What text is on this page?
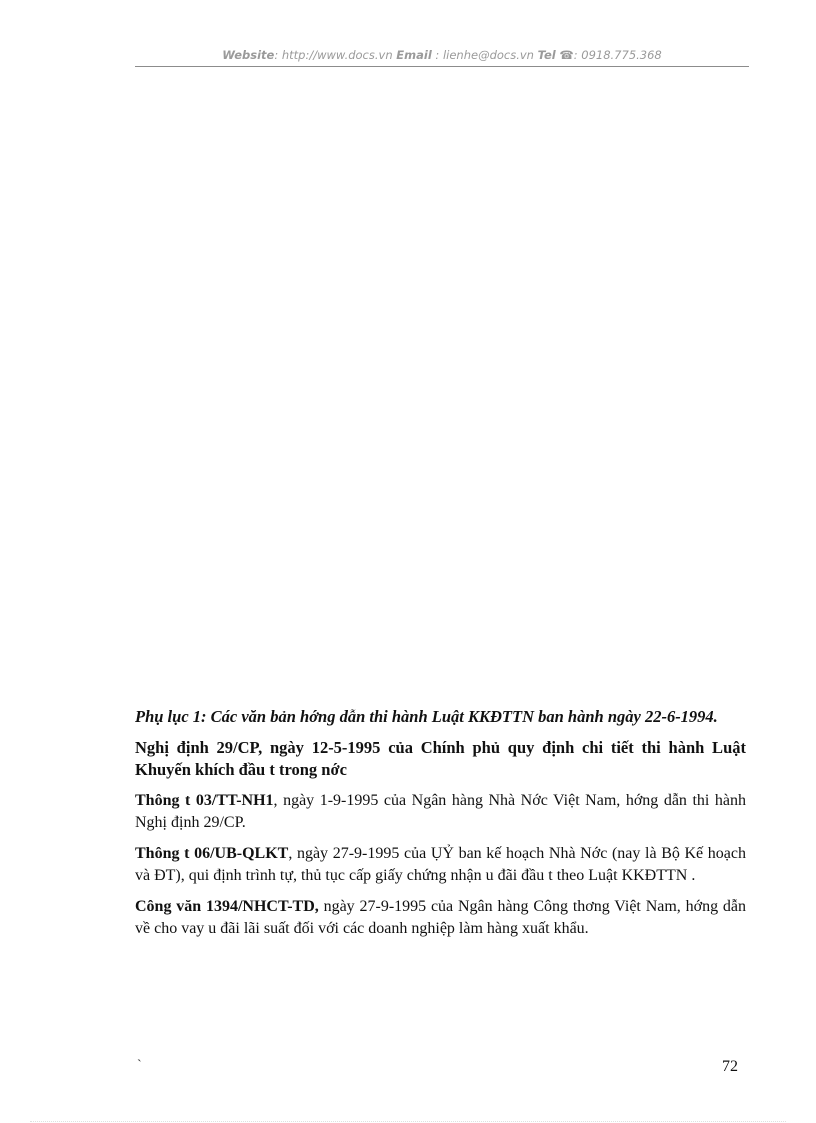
Website: http://www.docs.vn Email : lienhe@docs.vn Tel ☎: 0918.775.368

Phụ lục 1: Các văn bản hớng dẫn thi hành Luật KKĐTTN ban hành ngày 22-6-1994.

Nghị định 29/CP, ngày 12-5-1995 của Chính phủ quy định chi tiết thi hành Luật Khuyến khích đầu t trong nớc

Thông t 03/TT-NH1, ngày 1-9-1995 của Ngân hàng Nhà Nớc Việt Nam, hớng dẫn thi hành Nghị định 29/CP.

Thông t 06/UB-QLKT, ngày 27-9-1995 của ỤỶ ban kế hoạch Nhà Nớc (nay là Bộ Kế hoạch và ĐT), qui định trình tự, thủ tục cấp giấy chứng nhận u đãi đầu t theo Luật KKĐTTN .

Công văn 1394/NHCT-TD, ngày 27-9-1995 của Ngân hàng Công thơng Việt Nam, hớng dẫn về cho vay u đãi lãi suất đối với các doanh nghiệp làm hàng xuất khẩu.

`	72
